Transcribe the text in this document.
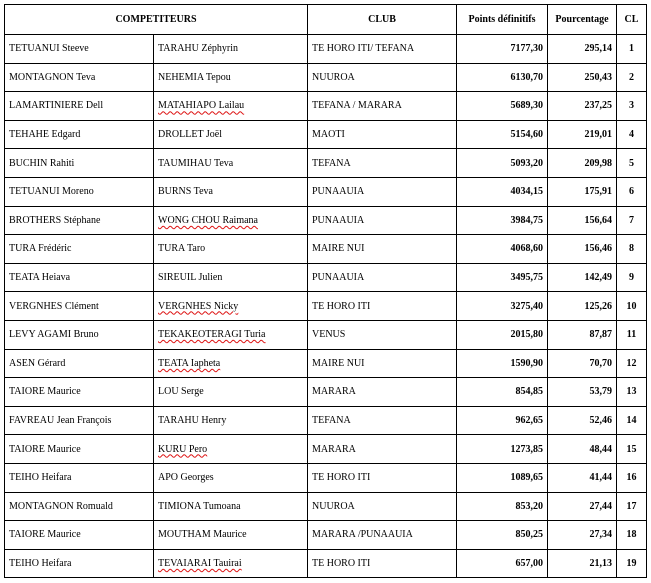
COMPETITEURS		CLUB	Points définitifs	Pourcentage	CL
TETUANUI Steeve	TARAHU Zéphyrin	TE HORO ITI/ TEFANA	7177,30	295,14	1
MONTAGNON Teva	NEHEMIA Tepou	NUUROA	6130,70	250,43	2
LAMARTINIERE Dell	MATAHIAPO Lailau	TEFANA / MARARA	5689,30	237,25	3
TEHAHE Edgard	DROLLET Joël	MAOTI	5154,60	219,01	4
BUCHIN Rahiti	TAUMIHAU Teva	TEFANA	5093,20	209,98	5
TETUANUI Moreno	BURNS Teva	PUNAAUIA	4034,15	175,91	6
BROTHERS Stéphane	WONG CHOU Raimana	PUNAAUIA	3984,75	156,64	7
TURA Frédéric	TURA Taro	MAIRE NUI	4068,60	156,46	8
TEATA Heiava	SIREUIL Julien	PUNAAUIA	3495,75	142,49	9
VERGNHES Clément	VERGNHES Nicky	TE HORO ITI	3275,40	125,26	10
LEVY AGAMI Bruno	TEKAKEOTERAGI Turia	VENUS	2015,80	87,87	11
ASEN Gérard	TEATA Iapheta	MAIRE NUI	1590,90	70,70	12
TAIORE Maurice	LOU Serge	MARARA	854,85	53,79	13
FAVREAU Jean François	TARAHU Henry	TEFANA	962,65	52,46	14
TAIORE Maurice	KURU Pero	MARARA	1273,85	48,44	15
TEIHO Heifara	APO Georges	TE HORO ITI	1089,65	41,44	16
MONTAGNON Romuald	TIMIONA Tumoana	NUUROA	853,20	27,44	17
TAIORE Maurice	MOUTHAM Maurice	MARARA /PUNAAUIA	850,25	27,34	18
TEIHO Heifara	TEVAIARAI Tauirai	TE HORO ITI	657,00	21,13	19
